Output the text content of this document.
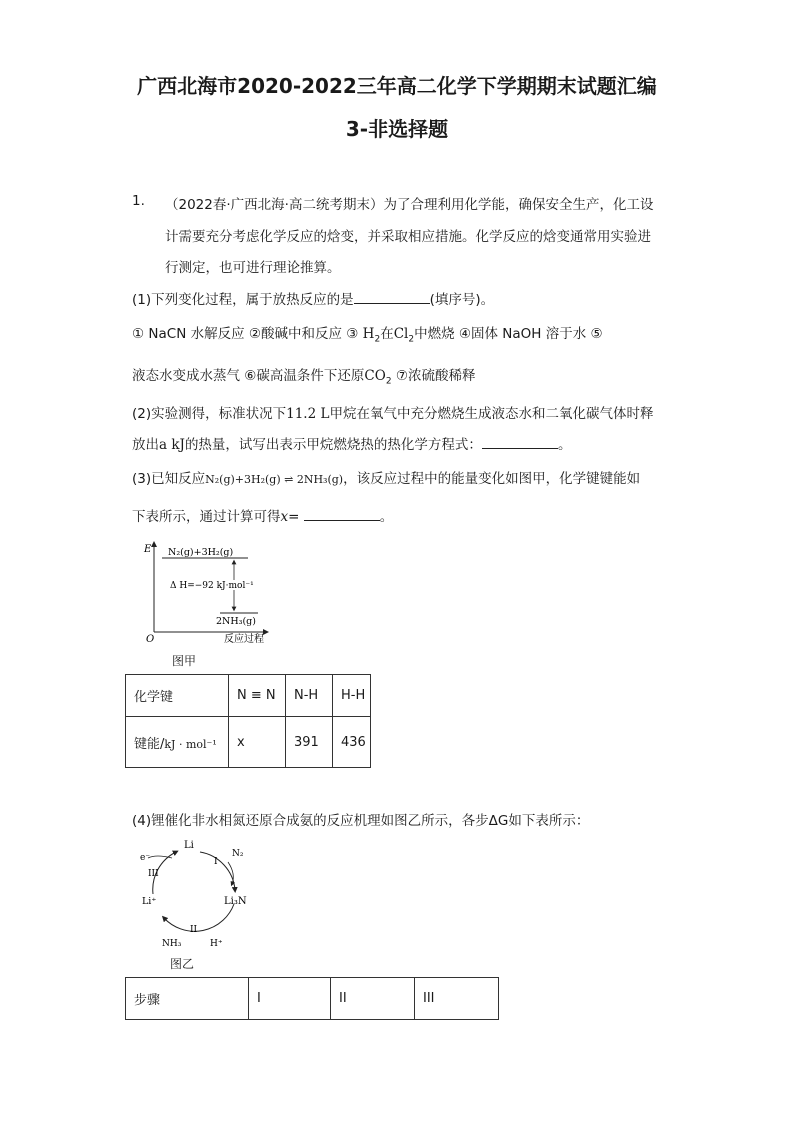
广西北海市2020-2022三年高二化学下学期期末试题汇编
3-非选择题
1. （2022春·广西北海·高二统考期末）为了合理利用化学能，确保安全生产，化工设
计需要充分考虑化学反应的焓变，并采取相应措施。化学反应的焓变通常用实验进
行测定，也可进行理论推算。
(1)下列变化过程，属于放热反应的是	(填序号)。
① NaCN 水解反应 ②酸碱中和反应 ③ $H_2$在$Cl_2$中燃烧 ④固体 NaOH 溶于水 ⑤
液态水变成水蒸气 ⑥碳高温条件下还原$CO_2$ ⑦浓硫酸稀释
(2)实验测得，标准状况下11.2 L甲烷在氧气中充分燃烧生成液态水和二氧化碳气体时释
放出a kJ的热量，试写出表示甲烷燃烧热的热化学方程式：	。
(3)已知反应N₂(g)+3H₂(g) ⇌ 2NH₃(g)，该反应过程中的能量变化如图甲，化学键键能如
下表所示，通过计算可得x=	。
E
O
N₂(g)+3H₂(g)
Δ H=−92 kJ·mol⁻¹
2NH₃(g)
反应过程
图甲
化学键	N ≡ N	N-H	H-H
键能/kJ · mol⁻¹	x	391	436
(4)锂催化非水相氮还原合成氨的反应机理如图乙所示，各步ΔG如下表所示：
Li
N₂
Li₃N
H⁺
NH₃
Li⁺
e⁻	I
II
III
图乙
步骤	I	II	III
